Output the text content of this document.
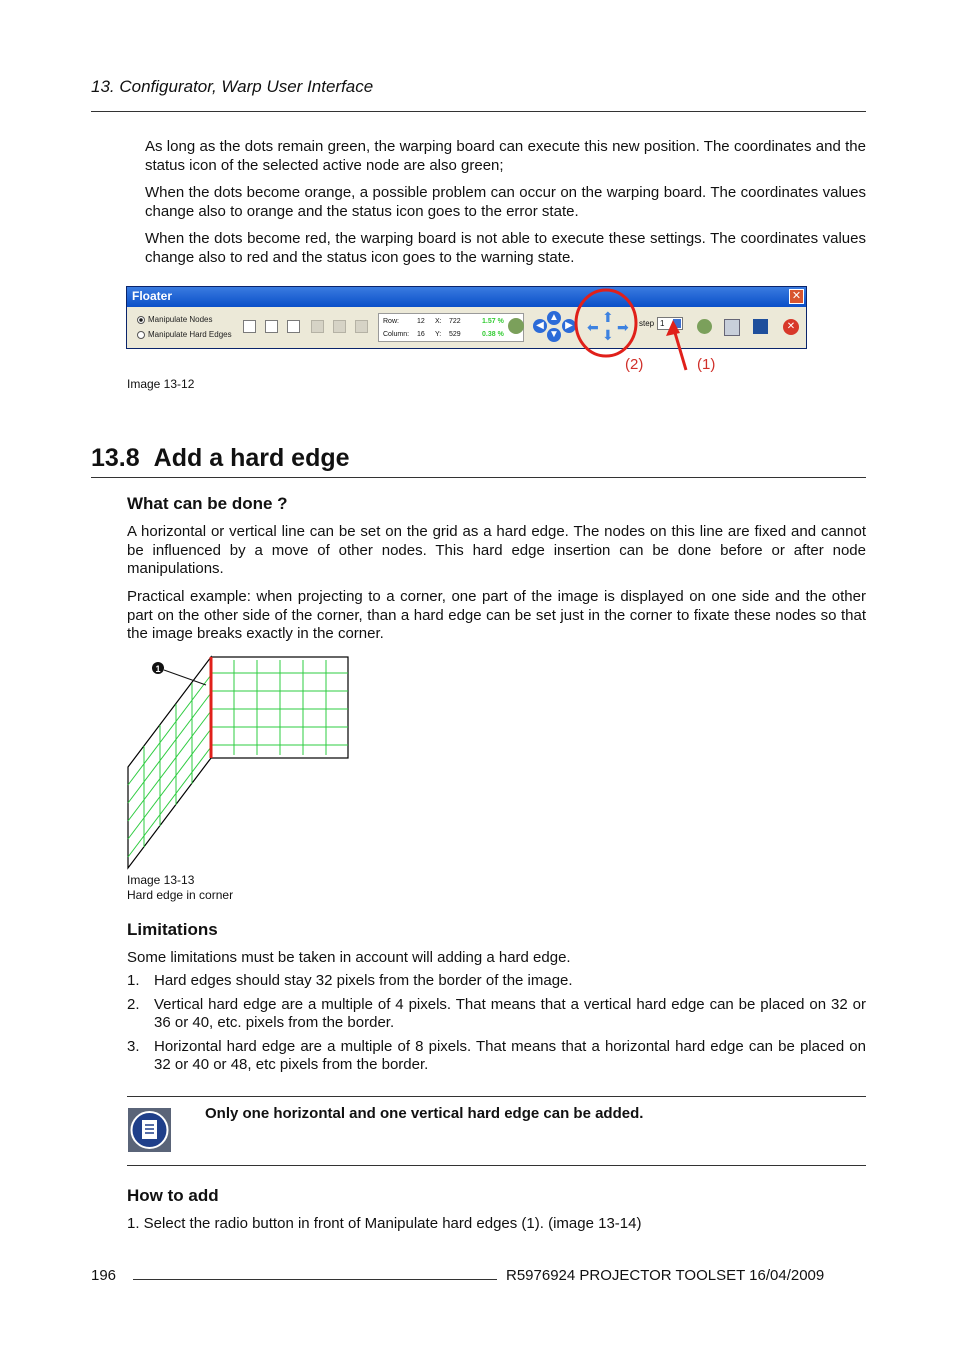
13. Configurator, Warp User Interface
As long as the dots remain green, the warping board can execute this new position. The coordinates and the status icon of the selected active node are also green;
When the dots become orange, a possible problem can occur on the warping board. The coordinates values change also to orange and the status icon goes to the error state.
When the dots become red, the warping board is not able to execute these settings. The coordinates values change also to red and the status icon goes to the warning state.
Floater	✕
Manipulate Nodes
Manipulate Hard Edges
Row:	12 X: 722	1.57 %
Column: 16 Y: 529	0.38 %
◀
▲
▼
▶ ⬅
⬆
⬇ ➡ step 1	✕
(2)	(1)
Image 13-12
13.8 Add a hard edge
What can be done ?
A horizontal or vertical line can be set on the grid as a hard edge. The nodes on this line are fixed and cannot be influenced by a move of other nodes. This hard edge insertion can be done before or after node manipulations.
Practical example: when projecting to a corner, one part of the image is displayed on one side and the other part on the other side of the corner, than a hard edge can be set just in the corner to fixate these nodes so that the image breaks exactly in the corner.
1
Image 13-13
Hard edge in corner
Limitations
Some limitations must be taken in account will adding a hard edge.
1. Hard edges should stay 32 pixels from the border of the image.
2. Vertical hard edge are a multiple of 4 pixels. That means that a vertical hard edge can be placed on 32 or 36 or 40, etc. pixels from the border.
3. Horizontal hard edge are a multiple of 8 pixels. That means that a horizontal hard edge can be placed on 32 or 40 or 48, etc pixels from the border.
Only one horizontal and one vertical hard edge can be added.
How to add
1. Select the radio button in front of Manipulate hard edges (1). (image 13-14)
196	R5976924 PROJECTOR TOOLSET 16/04/2009
